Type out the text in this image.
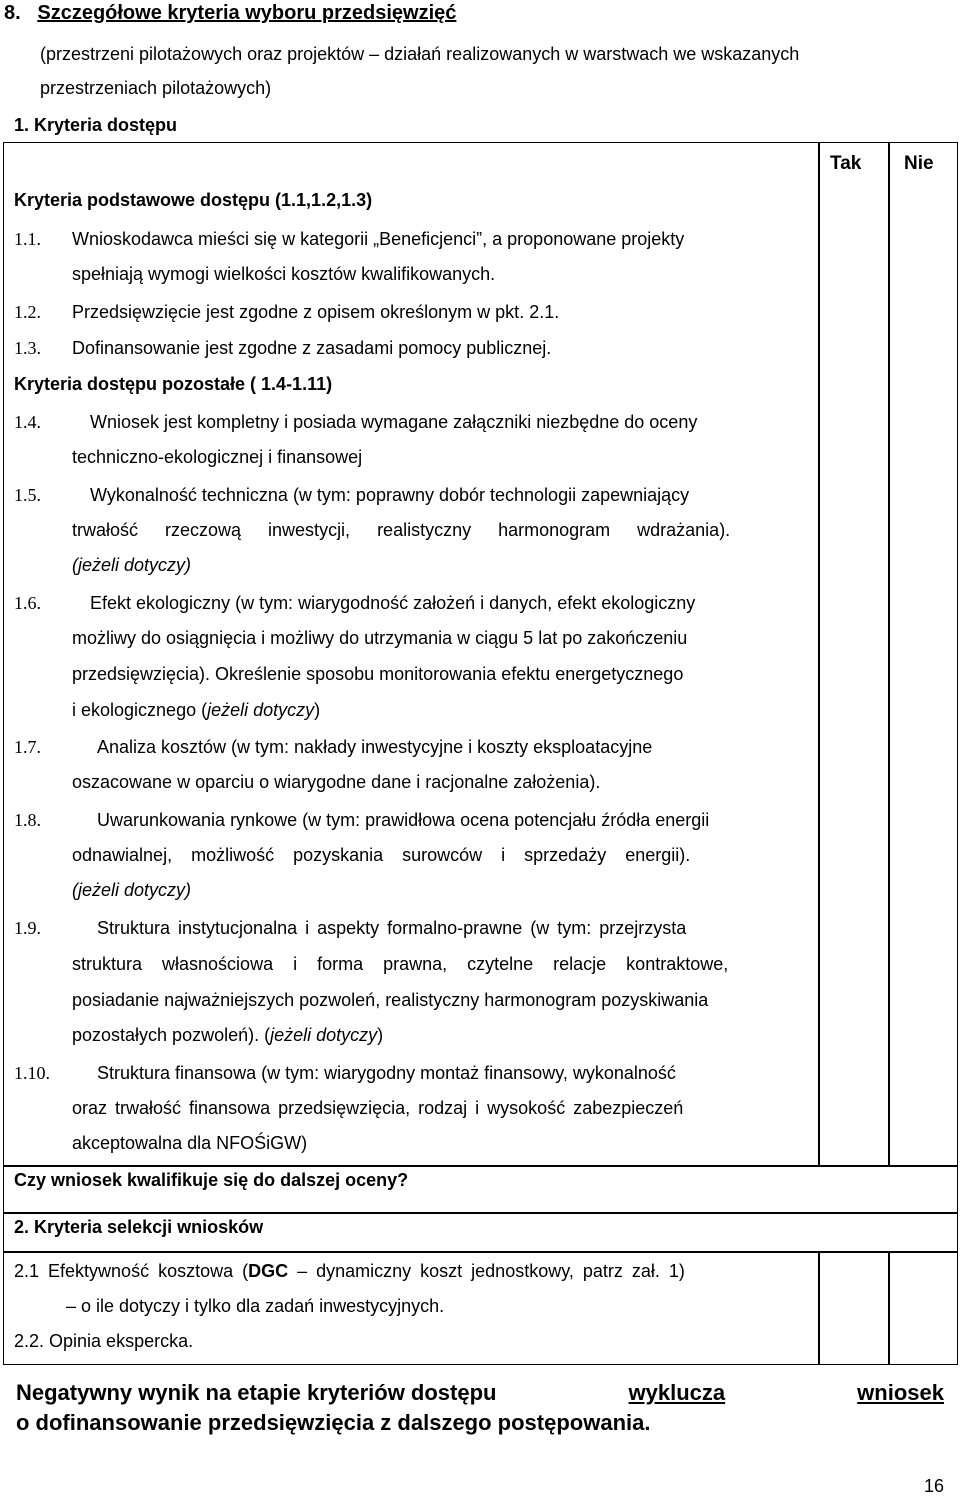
8. Szczegółowe kryteria wyboru przedsięwzięć
(przestrzeni pilotażowych oraz projektów – działań realizowanych w warstwach we wskazanych
przestrzeniach pilotażowych)
1. Kryteria dostępu
Tak Nie
Kryteria podstawowe dostępu (1.1,1.2,1.3)
1.1. Wnioskodawca mieści się w kategorii „Beneficjenci”, a proponowane projekty
spełniają wymogi wielkości kosztów kwalifikowanych.
1.2. Przedsięwzięcie jest zgodne z opisem określonym w pkt. 2.1.
1.3. Dofinansowanie jest zgodne z zasadami pomocy publicznej.
Kryteria dostępu pozostałe ( 1.4-1.11)
1.4.	Wniosek jest kompletny i posiada wymagane załączniki niezbędne do oceny
techniczno-ekologicznej i finansowej
1.5.	Wykonalność techniczna (w tym: poprawny dobór technologii zapewniający
trwałość rzeczową inwestycji, realistyczny harmonogram wdrażania).
(jeżeli dotyczy)
1.6.	Efekt ekologiczny (w tym: wiarygodność założeń i danych, efekt ekologiczny
możliwy do osiągnięcia i możliwy do utrzymania w ciągu 5 lat po zakończeniu
przedsięwzięcia). Określenie sposobu monitorowania efektu energetycznego
i ekologicznego (jeżeli dotyczy)
1.7.	Analiza kosztów (w tym: nakłady inwestycyjne i koszty eksploatacyjne
oszacowane w oparciu o wiarygodne dane i racjonalne założenia).
1.8.	Uwarunkowania rynkowe (w tym: prawidłowa ocena potencjału źródła energii
odnawialnej, możliwość pozyskania surowców i sprzedaży energii).
(jeżeli dotyczy)
1.9.	Struktura instytucjonalna i aspekty formalno-prawne (w tym: przejrzysta
struktura własnościowa i forma prawna, czytelne relacje kontraktowe,
posiadanie najważniejszych pozwoleń, realistyczny harmonogram pozyskiwania
pozostałych pozwoleń). (jeżeli dotyczy)
1.10.	Struktura finansowa (w tym: wiarygodny montaż finansowy, wykonalność
oraz trwałość finansowa przedsięwzięcia, rodzaj i wysokość zabezpieczeń
akceptowalna dla NFOŚiGW)
Czy wniosek kwalifikuje się do dalszej oceny?
2. Kryteria selekcji wniosków
2.1 Efektywność kosztowa (DGC – dynamiczny koszt jednostkowy, patrz zał. 1)
– o ile dotyczy i tylko dla zadań inwestycyjnych.
2.2. Opinia ekspercka.
Negatywny wynik na etapie kryteriów dostępu	wyklucza	wniosek
o dofinansowanie przedsięwzięcia z dalszego postępowania.
16
